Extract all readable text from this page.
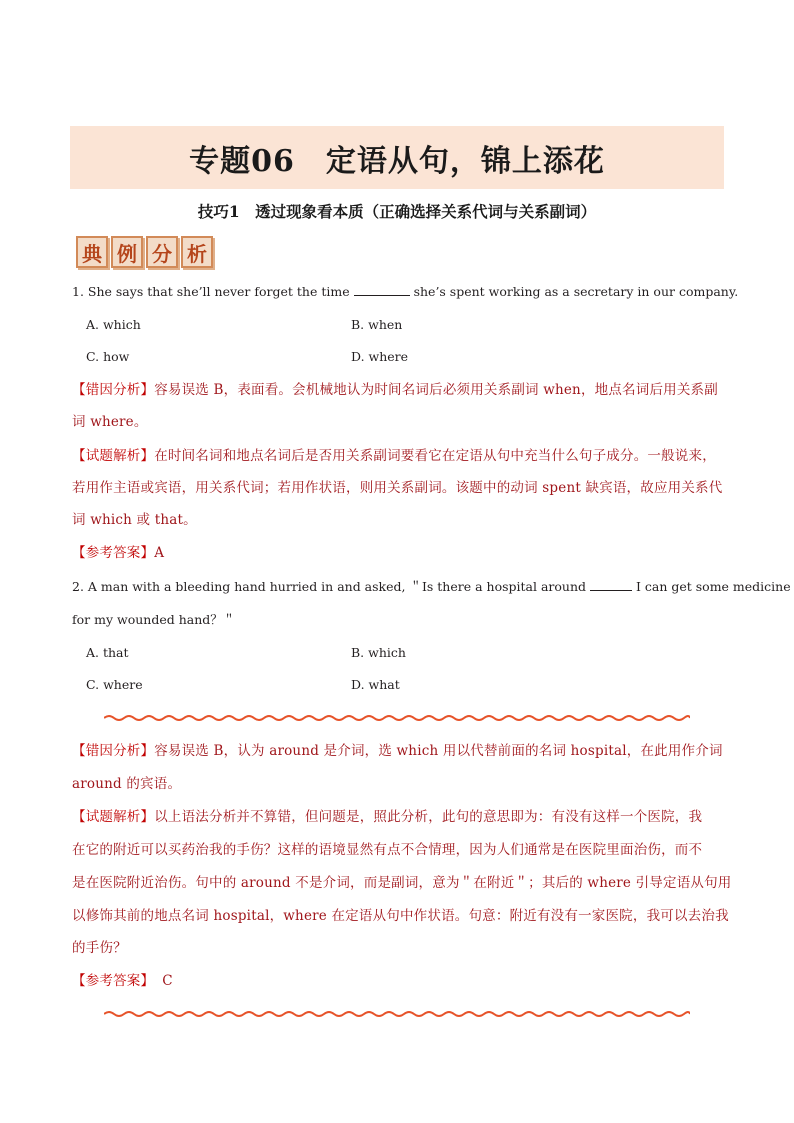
专题06　定语从句，锦上添花
技巧1　透过现象看本质（正确选择关系代词与关系副词）
典 例 分 析
1. She says that she’ll never forget the time	she’s spent working as a secretary in our company.
A. which	B. when
C. how	D. where
【错因分析】容易误选 B，表面看。会机械地认为时间名词后必须用关系副词 when，地点名词后用关系副
词 where。
【试题解析】在时间名词和地点名词后是否用关系副词要看它在定语从句中充当什么句子成分。一般说来，
若用作主语或宾语，用关系代词；若用作状语，则用关系副词。该题中的动词 spent 缺宾语，故应用关系代
词 which 或 that。
【参考答案】A
2. A man with a bleeding hand hurried in and asked, ＂Is there a hospital around	I can get some medicine
for my wounded hand？＂
A. that	B. which
C. where	D. what
【错因分析】容易误选 B，认为 around 是介词，选 which 用以代替前面的名词 hospital，在此用作介词
around 的宾语。
【试题解析】以上语法分析并不算错，但问题是，照此分析，此句的意思即为：有没有这样一个医院，我
在它的附近可以买药治我的手伤？这样的语境显然有点不合情理，因为人们通常是在医院里面治伤，而不
是在医院附近治伤。句中的 around 不是介词，而是副词，意为＂在附近＂；其后的 where 引导定语从句用
以修饰其前的地点名词 hospital，where 在定语从句中作状语。句意：附近有没有一家医院，我可以去治我
的手伤？
【参考答案】 C
